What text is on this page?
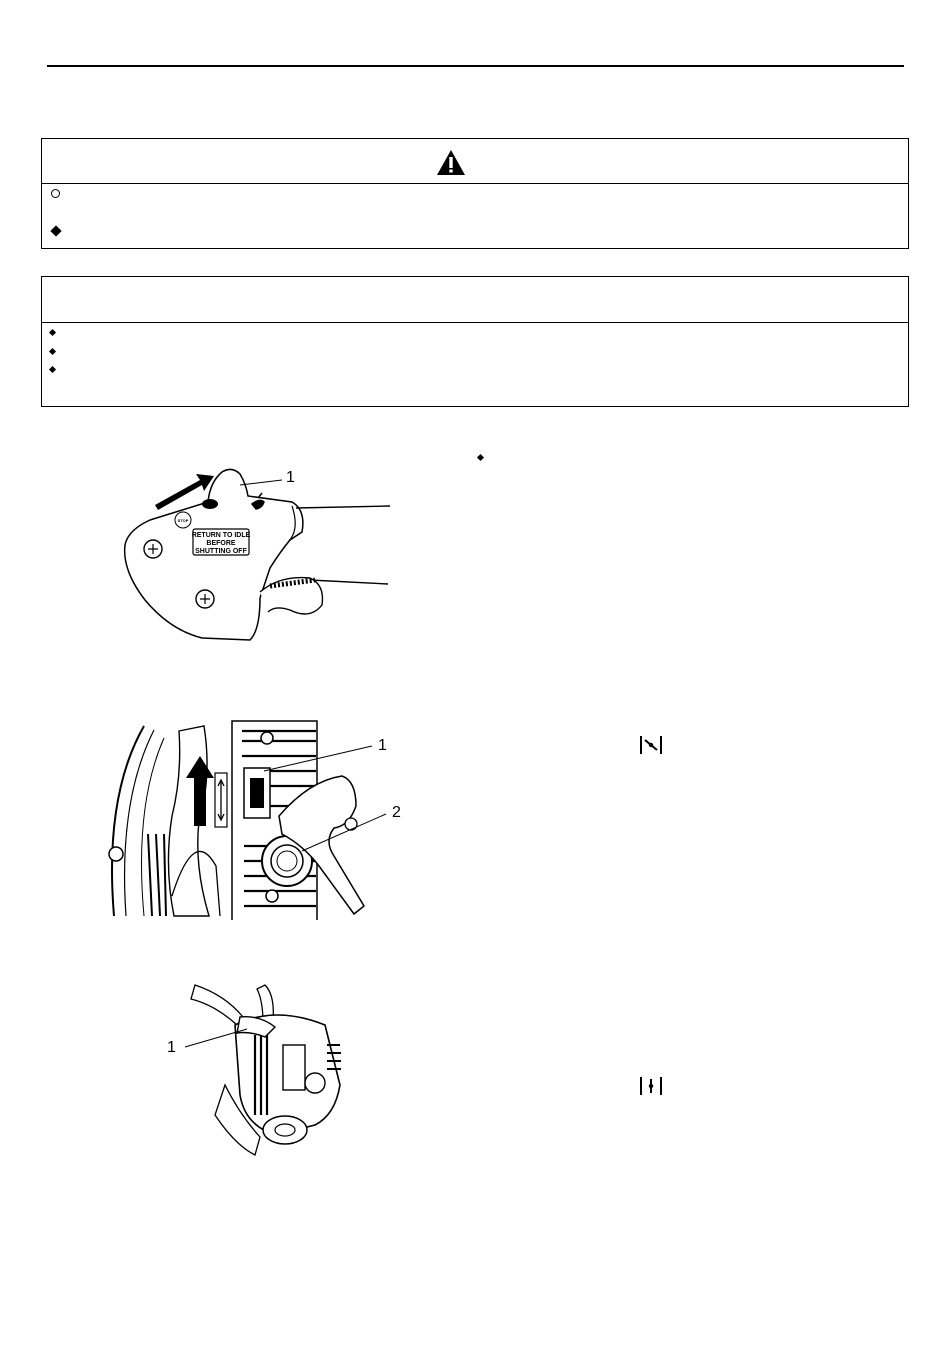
STOP
RETURN TO IDLE
BEFORE
SHUTTING OFF
1
1
2
1
